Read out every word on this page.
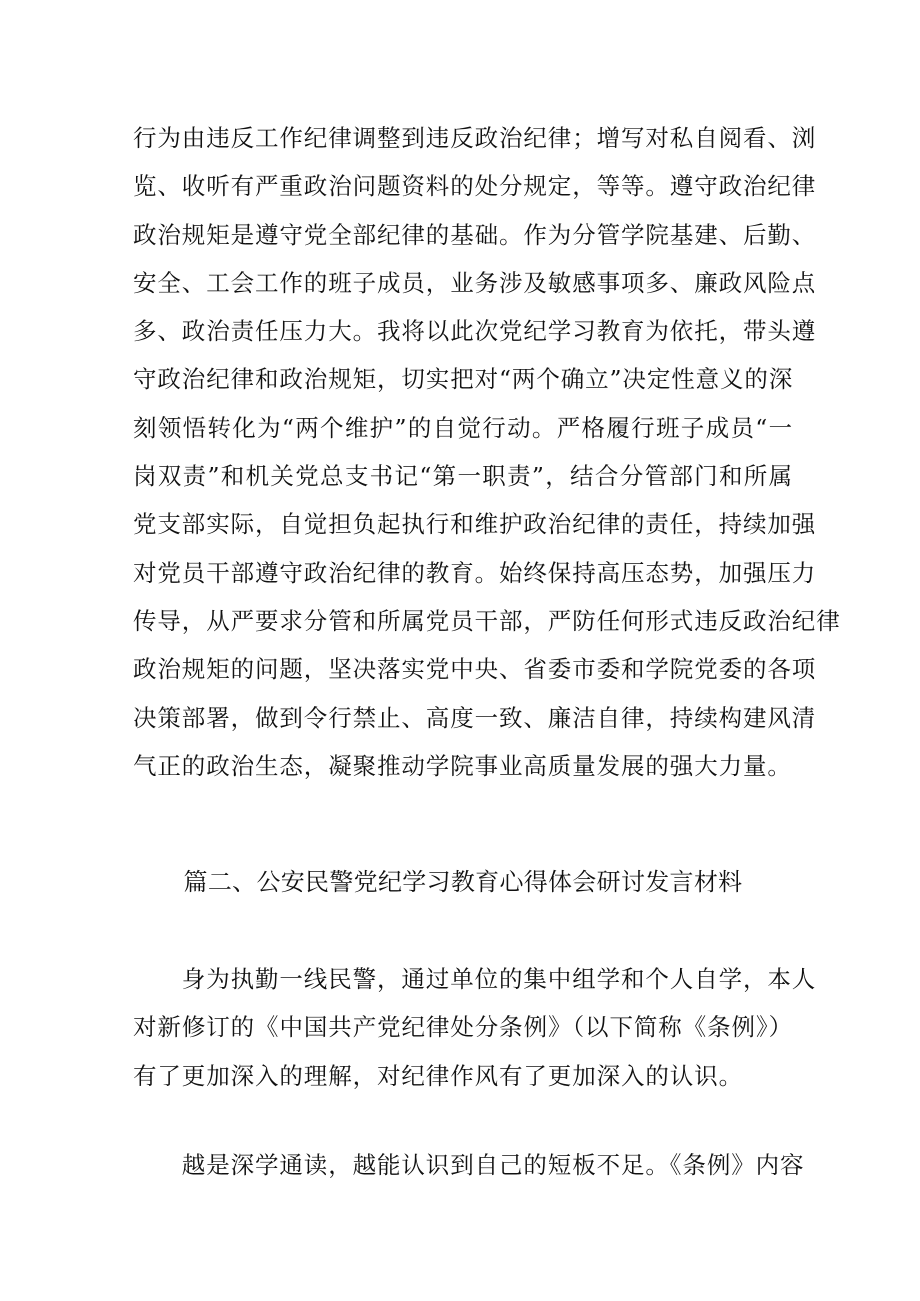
行为由违反工作纪律调整到违反政治纪律；增写对私自阅看、浏
览、收听有严重政治问题资料的处分规定，等等。遵守政治纪律
政治规矩是遵守党全部纪律的基础。作为分管学院基建、后勤、
安全、工会工作的班子成员，业务涉及敏感事项多、廉政风险点
多、政治责任压力大。我将以此次党纪学习教育为依托，带头遵
守政治纪律和政治规矩，切实把对“两个确立”决定性意义的深
刻领悟转化为“两个维护”的自觉行动。严格履行班子成员“一
岗双责”和机关党总支书记“第一职责”，结合分管部门和所属
党支部实际，自觉担负起执行和维护政治纪律的责任，持续加强
对党员干部遵守政治纪律的教育。始终保持高压态势，加强压力
传导，从严要求分管和所属党员干部，严防任何形式违反政治纪律
政治规矩的问题，坚决落实党中央、省委市委和学院党委的各项
决策部署，做到令行禁止、高度一致、廉洁自律，持续构建风清
气正的政治生态，凝聚推动学院事业高质量发展的强大力量。
篇二、公安民警党纪学习教育心得体会研讨发言材料
　　身为执勤一线民警，通过单位的集中组学和个人自学，本人
对新修订的《中国共产党纪律处分条例》（以下简称《条例》）
有了更加深入的理解，对纪律作风有了更加深入的认识。
　　越是深学通读，越能认识到自己的短板不足。《条例》内容
